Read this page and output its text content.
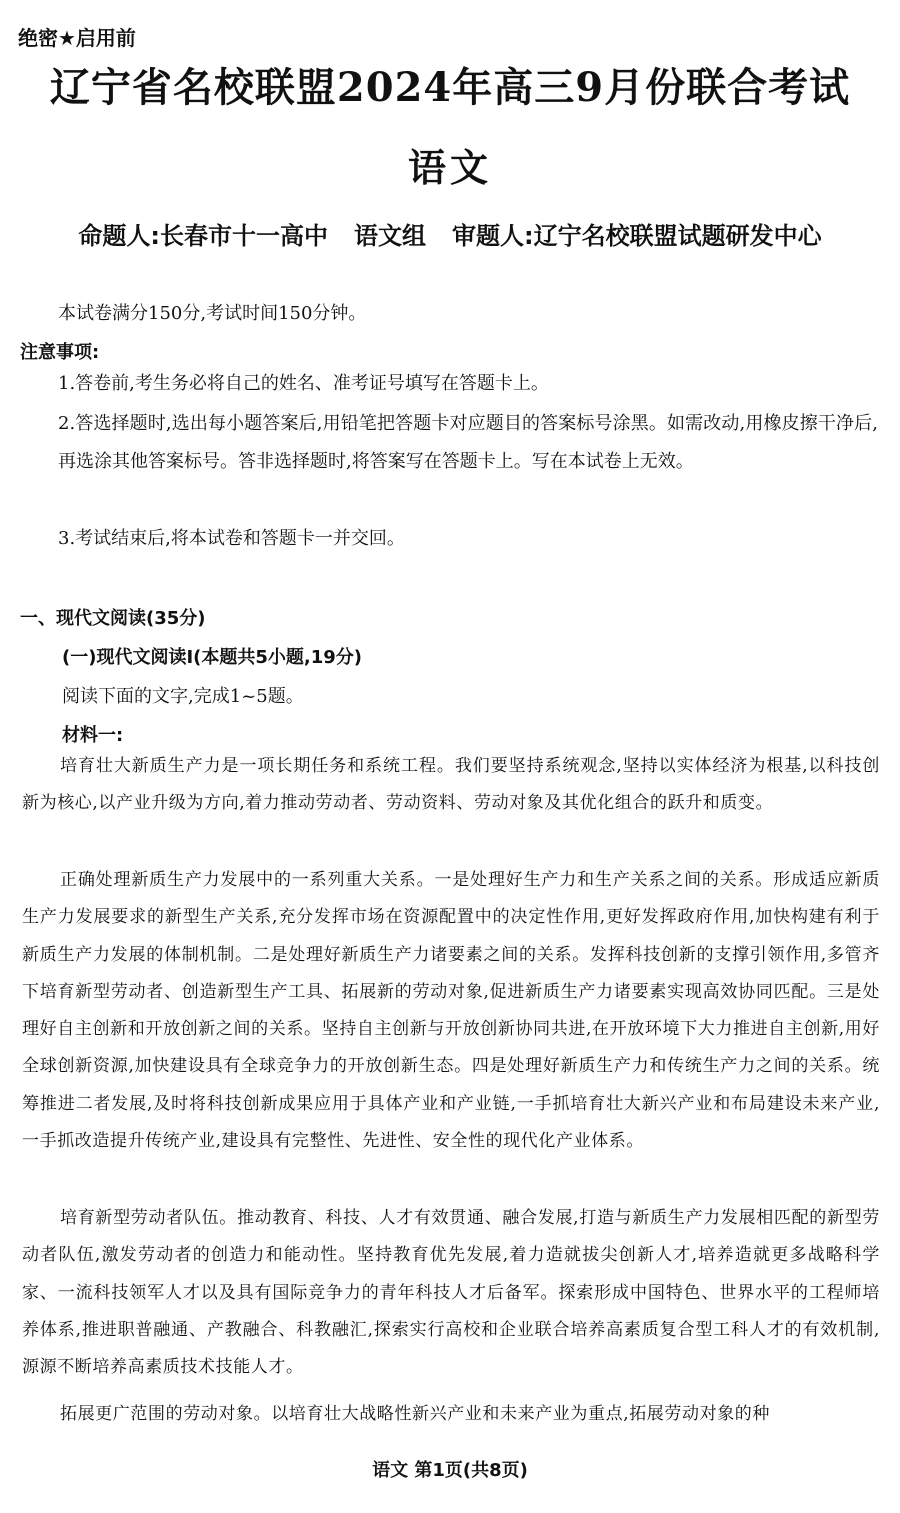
绝密★启用前
辽宁省名校联盟2024年高三9月份联合考试
语文
命题人:长春市十一高中 语文组 审题人:辽宁名校联盟试题研发中心
本试卷满分150分,考试时间150分钟。
注意事项:
1.答卷前,考生务必将自己的姓名、准考证号填写在答题卡上。
2.答选择题时,选出每小题答案后,用铅笔把答题卡对应题目的答案标号涂黑。如需改动,用橡皮擦干净后,再选涂其他答案标号。答非选择题时,将答案写在答题卡上。写在本试卷上无效。
3.考试结束后,将本试卷和答题卡一并交回。
一、现代文阅读(35分)
(一)现代文阅读Ⅰ(本题共5小题,19分)
阅读下面的文字,完成1~5题。
材料一:
培育壮大新质生产力是一项长期任务和系统工程。我们要坚持系统观念,坚持以实体经济为根基,以科技创新为核心,以产业升级为方向,着力推动劳动者、劳动资料、劳动对象及其优化组合的跃升和质变。
正确处理新质生产力发展中的一系列重大关系。一是处理好生产力和生产关系之间的关系。形成适应新质生产力发展要求的新型生产关系,充分发挥市场在资源配置中的决定性作用,更好发挥政府作用,加快构建有利于新质生产力发展的体制机制。二是处理好新质生产力诸要素之间的关系。发挥科技创新的支撑引领作用,多管齐下培育新型劳动者、创造新型生产工具、拓展新的劳动对象,促进新质生产力诸要素实现高效协同匹配。三是处理好自主创新和开放创新之间的关系。坚持自主创新与开放创新协同共进,在开放环境下大力推进自主创新,用好全球创新资源,加快建设具有全球竞争力的开放创新生态。四是处理好新质生产力和传统生产力之间的关系。统筹推进二者发展,及时将科技创新成果应用于具体产业和产业链,一手抓培育壮大新兴产业和布局建设未来产业,一手抓改造提升传统产业,建设具有完整性、先进性、安全性的现代化产业体系。
培育新型劳动者队伍。推动教育、科技、人才有效贯通、融合发展,打造与新质生产力发展相匹配的新型劳动者队伍,激发劳动者的创造力和能动性。坚持教育优先发展,着力造就拔尖创新人才,培养造就更多战略科学家、一流科技领军人才以及具有国际竞争力的青年科技人才后备军。探索形成中国特色、世界水平的工程师培养体系,推进职普融通、产教融合、科教融汇,探索实行高校和企业联合培养高素质复合型工科人才的有效机制,源源不断培养高素质技术技能人才。
拓展更广范围的劳动对象。以培育壮大战略性新兴产业和未来产业为重点,拓展劳动对象的种
语文 第1页(共8页)
